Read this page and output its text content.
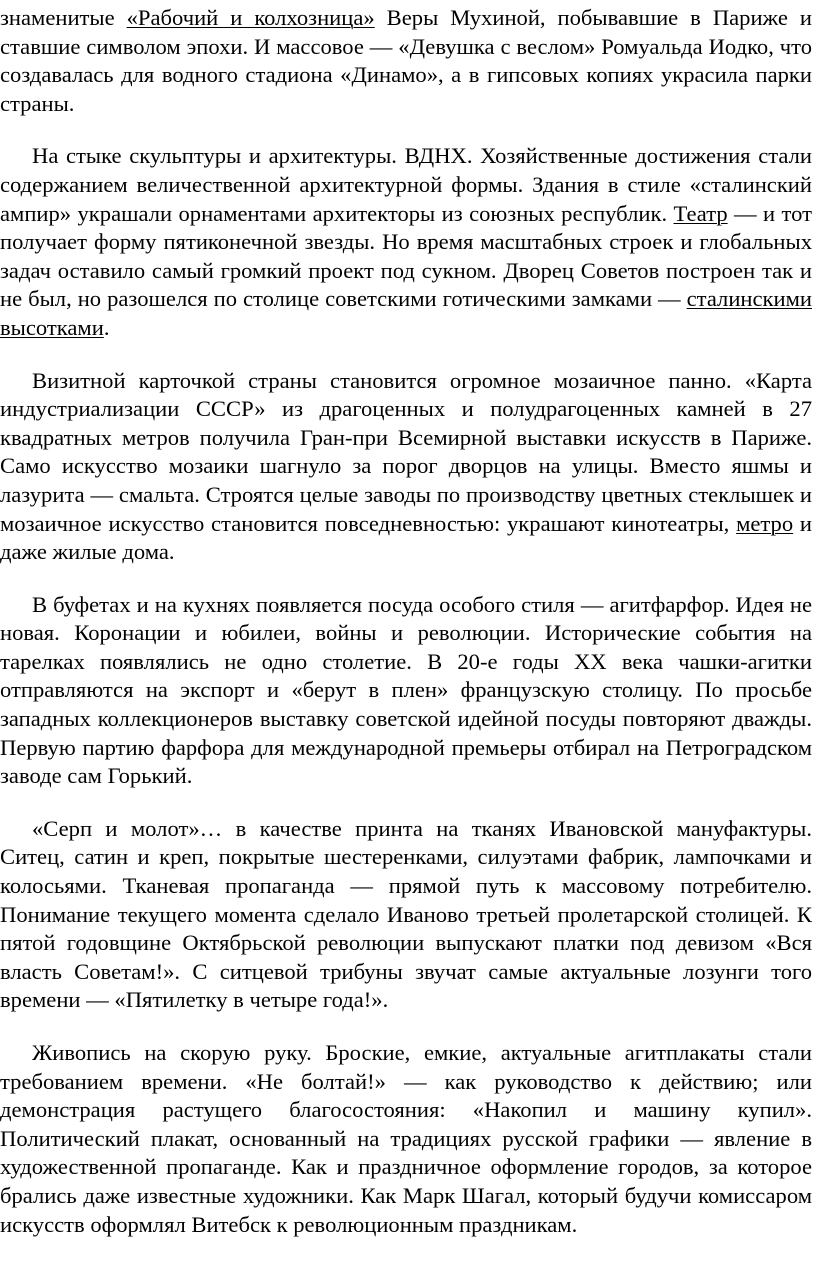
знаменитые «Рабочий и колхозница» Веры Мухиной, побывавшие в Париже и ставшие символом эпохи. И массовое — «Девушка с веслом» Ромуальда Иодко, что создавалась для водного стадиона «Динамо», а в гипсовых копиях украсила парки страны.

На стыке скульптуры и архитектуры. ВДНХ. Хозяйственные достижения стали содержанием величественной архитектурной формы. Здания в стиле «сталинский ампир» украшали орнаментами архитекторы из союзных республик. Театр — и тот получает форму пятиконечной звезды. Но время масштабных строек и глобальных задач оставило самый громкий проект под сукном. Дворец Советов построен так и не был, но разошелся по столице советскими готическими замками — сталинскими высотками.

Визитной карточкой страны становится огромное мозаичное панно. «Карта индустриализации СССР» из драгоценных и полудрагоценных камней в 27 квадратных метров получила Гран-при Всемирной выставки искусств в Париже. Само искусство мозаики шагнуло за порог дворцов на улицы. Вместо яшмы и лазурита — смальта. Строятся целые заводы по производству цветных стеклышек и мозаичное искусство становится повседневностью: украшают кинотеатры, метро и даже жилые дома.

В буфетах и на кухнях появляется посуда особого стиля — агитфарфор. Идея не новая. Коронации и юбилеи, войны и революции. Исторические события на тарелках появлялись не одно столетие. В 20-е годы XX века чашки-агитки отправляются на экспорт и «берут в плен» французскую столицу. По просьбе западных коллекционеров выставку советской идейной посуды повторяют дважды. Первую партию фарфора для международной премьеры отбирал на Петроградском заводе сам Горький.

«Серп и молот»… в качестве принта на тканях Ивановской мануфактуры. Ситец, сатин и креп, покрытые шестеренками, силуэтами фабрик, лампочками и колосьями. Тканевая пропаганда — прямой путь к массовому потребителю. Понимание текущего момента сделало Иваново третьей пролетарской столицей. К пятой годовщине Октябрьской революции выпускают платки под девизом «Вся власть Советам!». С ситцевой трибуны звучат самые актуальные лозунги того времени — «Пятилетку в четыре года!».

Живопись на скорую руку. Броские, емкие, актуальные агитплакаты стали требованием времени. «Не болтай!» — как руководство к действию; или демонстрация растущего благосостояния: «Накопил и машину купил». Политический плакат, основанный на традициях русской графики — явление в художественной пропаганде. Как и праздничное оформление городов, за которое брались даже известные художники. Как Марк Шагал, который будучи комиссаром искусств оформлял Витебск к революционным праздникам.
